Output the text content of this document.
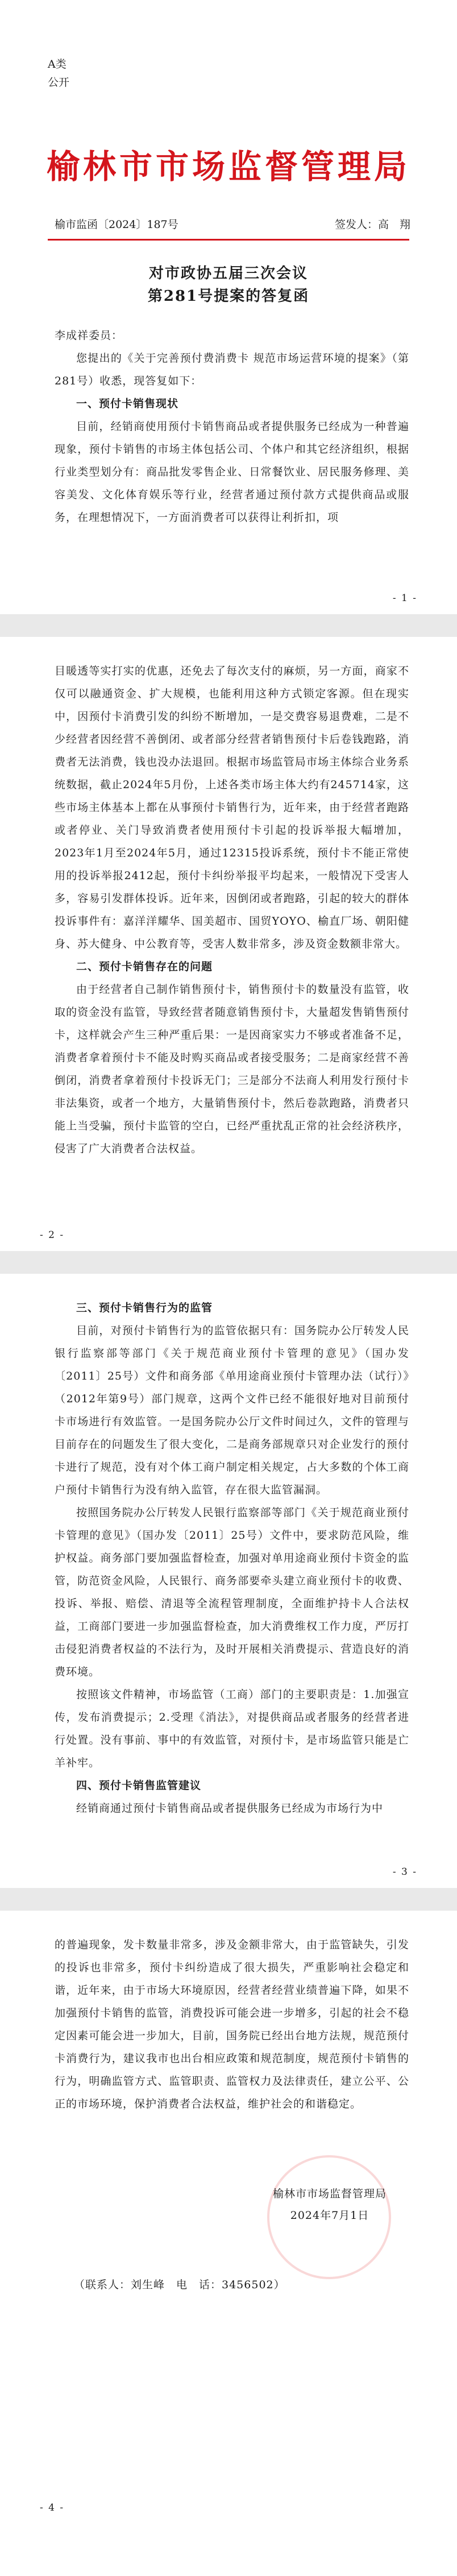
A类
公开
榆林市市场监督管理局
榆市监函〔2024〕187号	签发人：高　翔
对市政协五届三次会议
第281号提案的答复函
李成祥委员：
您提出的《关于完善预付费消费卡 规范市场运营环境的提案》（第281号）收悉，现答复如下：
一、预付卡销售现状
目前，经销商使用预付卡销售商品或者提供服务已经成为一种普遍现象，预付卡销售的市场主体包括公司、个体户和其它经济组织，根据行业类型划分有：商品批发零售企业、日常餐饮业、居民服务修理、美容美发、文化体育娱乐等行业，经营者通过预付款方式提供商品或服务，在理想情况下，一方面消费者可以获得让利折扣，项
- 1 -
目暖透等实打实的优惠，还免去了每次支付的麻烦，另一方面，商家不仅可以融通资金、扩大规模，也能利用这种方式锁定客源。但在现实中，因预付卡消费引发的纠纷不断增加，一是交费容易退费难，二是不少经营者因经营不善倒闭、或者部分经营者销售预付卡后卷钱跑路，消费者无法消费，钱也没办法退回。根据市场监管局市场主体综合业务系统数据，截止2024年5月份，上述各类市场主体大约有245714家，这些市场主体基本上都在从事预付卡销售行为，近年来，由于经营者跑路或者停业、关门导致消费者使用预付卡引起的投诉举报大幅增加，2023年1月至2024年5月，通过12315投诉系统，预付卡不能正常使用的投诉举报2412起，预付卡纠纷举报平均起来，一般情况下受害人多，容易引发群体投诉。近年来，因倒闭或者跑路，引起的较大的群体投诉事件有：嘉洋洋耀华、国美超市、国贸YOYO、榆直厂场、朝阳健身、苏大健身、中公教育等，受害人数非常多，涉及资金数额非常大。
二、预付卡销售存在的问题
由于经营者自己制作销售预付卡，销售预付卡的数量没有监管，收取的资金没有监管，导致经营者随意销售预付卡，大量超发售销售预付卡，这样就会产生三种严重后果：一是因商家实力不够或者准备不足，消费者拿着预付卡不能及时购买商品或者接受服务；二是商家经营不善倒闭，消费者拿着预付卡投诉无门；三是部分不法商人利用发行预付卡非法集资，或者一个地方，大量销售预付卡，然后卷款跑路，消费者只能上当受骗，预付卡监管的空白，已经严重扰乱正常的社会经济秩序，侵害了广大消费者合法权益。
- 2 -
三、预付卡销售行为的监管
目前，对预付卡销售行为的监管依据只有：国务院办公厅转发人民银行监察部等部门《关于规范商业预付卡管理的意见》（国办发〔2011〕25号）文件和商务部《单用途商业预付卡管理办法（试行）》（2012年第9号）部门规章，这两个文件已经不能很好地对目前预付卡市场进行有效监管。一是国务院办公厅文件时间过久，文件的管理与目前存在的问题发生了很大变化，二是商务部规章只对企业发行的预付卡进行了规范，没有对个体工商户制定相关规定，占大多数的个体工商户预付卡销售行为没有纳入监管，存在很大监管漏洞。
按照国务院办公厅转发人民银行监察部等部门《关于规范商业预付卡管理的意见》（国办发〔2011〕25号）文件中，要求防范风险，维护权益。商务部门要加强监督检查，加强对单用途商业预付卡资金的监管，防范资金风险，人民银行、商务部要牵头建立商业预付卡的收费、投诉、举报、赔偿、清退等全流程管理制度，全面维护持卡人合法权益，工商部门要进一步加强监督检查，加大消费维权工作力度，严厉打击侵犯消费者权益的不法行为，及时开展相关消费提示、营造良好的消费环境。
按照该文件精神，市场监管（工商）部门的主要职责是：1.加强宣传，发布消费提示；2.受理《消法》，对提供商品或者服务的经营者进行处置。没有事前、事中的有效监管，对预付卡，是市场监管只能是亡羊补牢。
四、预付卡销售监管建议
经销商通过预付卡销售商品或者提供服务已经成为市场行为中
- 3 -
的普遍现象，发卡数量非常多，涉及金额非常大，由于监管缺失，引发的投诉也非常多，预付卡纠纷造成了很大损失，严重影响社会稳定和谐，近年来，由于市场大环境原因，经营者经营业绩普遍下降，如果不加强预付卡销售的监管，消费投诉可能会进一步增多，引起的社会不稳定因素可能会进一步加大，目前，国务院已经出台地方法规，规范预付卡消费行为，建议我市也出台相应政策和规范制度，规范预付卡销售的行为，明确监管方式、监管职责、监管权力及法律责任，建立公平、公正的市场环境，保护消费者合法权益，维护社会的和谐稳定。
榆林市市场监督管理局
2024年7月1日
（联系人：刘生峰　电　话：3456502）
- 4 -
